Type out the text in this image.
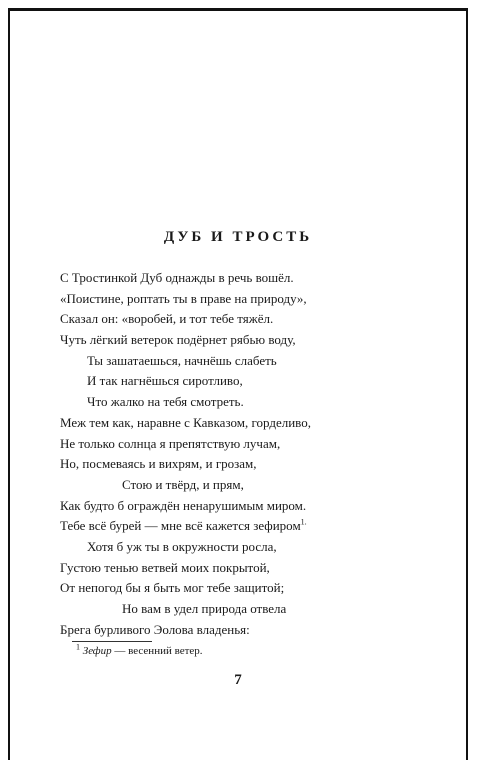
ДУБ И ТРОСТЬ
С Тростинкой Дуб однажды в речь вошёл.
«Поистине, роптать ты в праве на природу»,
Сказал он: «воробей, и тот тебе тяжёл.
Чуть лёгкий ветерок подёрнет рябью воду,
Ты зашатаешься, начнёшь слабеть
И так нагнёшься сиротливо,
Что жалко на тебя смотреть.
Меж тем как, наравне с Кавказом, горделиво,
Не только солнца я препятствую лучам,
Но, посмеваясь и вихрям, и грозам,
Стою и твёрд, и прям,
Как будто б ограждён ненарушимым миром.
Тебе всё бурей — мне всё кажется зефиром$^{1.}$
Хотя б уж ты в окружности росла,
Густою тенью ветвей моих покрытой,
От непогод бы я быть мог тебе защитой;
Но вам в удел природа отвела
Брега бурливого Эолова владенья:
$^1$ Зефир — весенний ветер.
7
